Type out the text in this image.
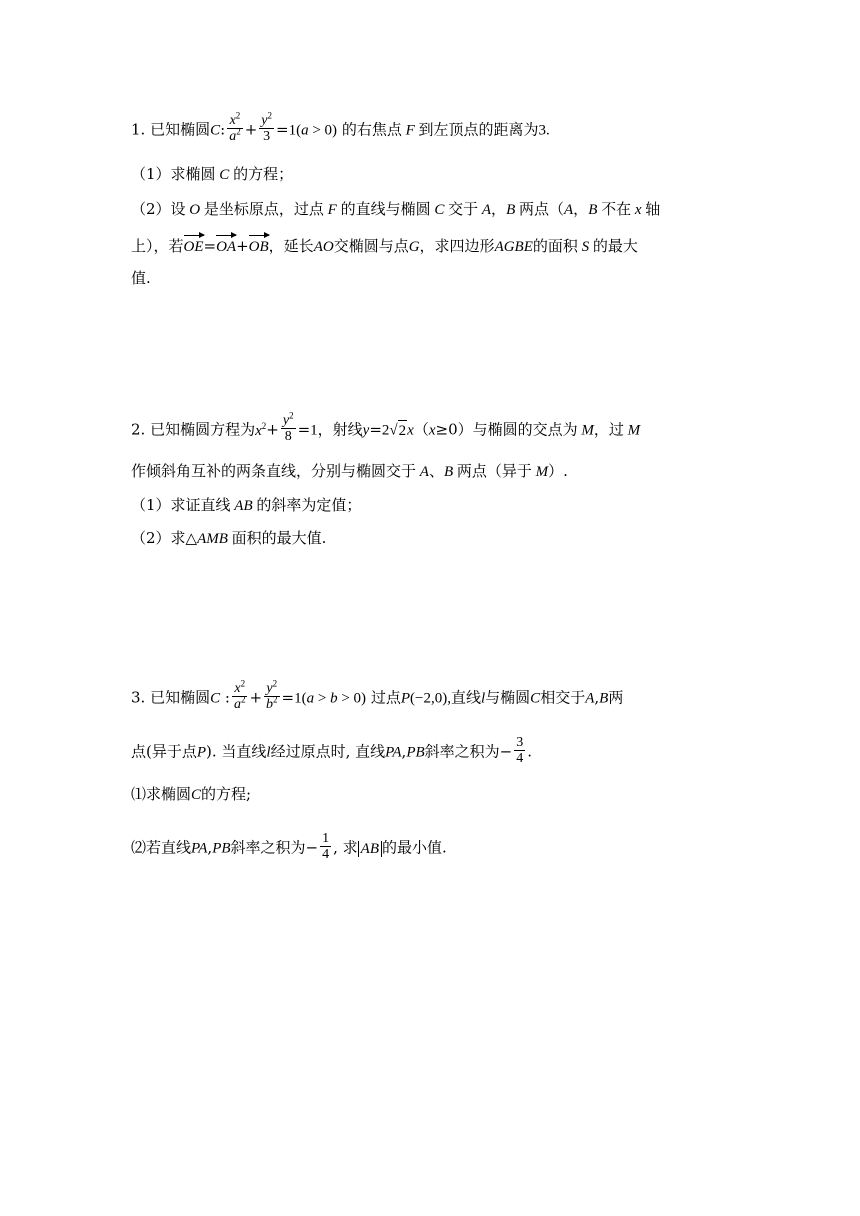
1. 已知椭圆C: $\frac{x^2}{a^2} + \frac{y^2}{3} =1(a > 0)$ 的右焦点 F 到左顶点的距离为3.
（1）求椭圆 C 的方程；
（2）设 O 是坐标原点，过点 F 的直线与椭圆 C 交于 A，B 两点（A，B 不在 x 轴
上），若OE=OA+OB，延长AO交椭圆与点G，求四边形AGBE的面积 S 的最大
值.
2. 已知椭圆方程为$x^2+ \frac{y^2}{8} =1$，射线y=2√2x（x≥0）与椭圆的交点为 M，过 M
作倾斜角互补的两条直线，分别与椭圆交于 A、B 两点（异于 M）.
（1）求证直线 AB 的斜率为定值；
（2）求△AMB 面积的最大值.
3. 已知椭圆C : $\frac{x^2}{a^2} + \frac{y^2}{b^2} =1(a > b > 0)$ 过点P(−2,0),直线l与椭圆C相交于A,B两
点(异于点P). 当直线l经过原点时, 直线PA,PB斜率之积为− $\frac{3}{4}$ .
⑴求椭圆C的方程;
⑵若直线PA,PB斜率之积为− $\frac{1}{4}$ , 求 AB 的最小值.
